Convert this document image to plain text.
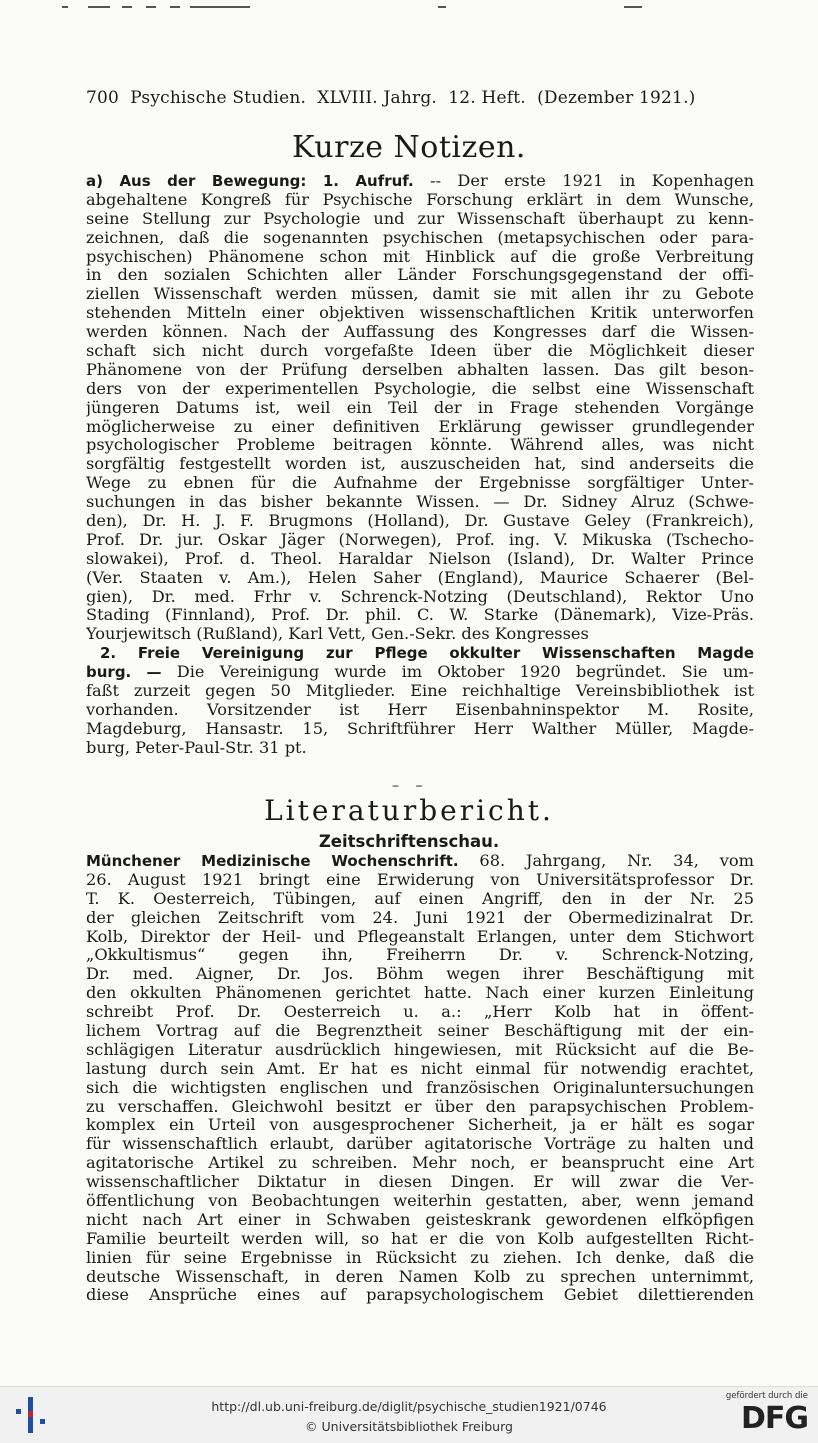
700  Psychische Studien.  XLVIII. Jahrg.  12. Heft.  (Dezember 1921.)
Kurze Notizen.
a) Aus der Bewegung: 1. Aufruf. -- Der erste 1921 in Kopenhagen
abgehaltene Kongreß für Psychische Forschung erklärt in dem Wunsche,
seine Stellung zur Psychologie und zur Wissenschaft überhaupt zu kenn-
zeichnen, daß die sogenannten psychischen (metapsychischen oder para-
psychischen) Phänomene schon mit Hinblick auf die große Verbreitung
in den sozialen Schichten aller Länder Forschungsgegenstand der offi-
ziellen Wissenschaft werden müssen, damit sie mit allen ihr zu Gebote
stehenden Mitteln einer objektiven wissenschaftlichen Kritik unterworfen
werden können. Nach der Auffassung des Kongresses darf die Wissen-
schaft sich nicht durch vorgefaßte Ideen über die Möglichkeit dieser
Phänomene von der Prüfung derselben abhalten lassen. Das gilt beson-
ders von der experimentellen Psychologie, die selbst eine Wissenschaft
jüngeren Datums ist, weil ein Teil der in Frage stehenden Vorgänge
möglicherweise zu einer definitiven Erklärung gewisser grundlegender
psychologischer Probleme beitragen könnte. Während alles, was nicht
sorgfältig festgestellt worden ist, auszuscheiden hat, sind anderseits die
Wege zu ebnen für die Aufnahme der Ergebnisse sorgfältiger Unter-
suchungen in das bisher bekannte Wissen. — Dr. Sidney Alruz (Schwe-
den), Dr. H. J. F. Brugmons (Holland), Dr. Gustave Geley (Frankreich),
Prof. Dr. jur. Oskar Jäger (Norwegen), Prof. ing. V. Mikuska (Tschecho-
slowakei), Prof. d. Theol. Haraldar Nielson (Island), Dr. Walter Prince
(Ver. Staaten v. Am.), Helen Saher (England), Maurice Schaerer (Bel-
gien), Dr. med. Frhr v. Schrenck-Notzing (Deutschland), Rektor Uno
Stading (Finnland), Prof. Dr. phil. C. W. Starke (Dänemark), Vize-Präs.
Yourjewitsch (Rußland), Karl Vett, Gen.-Sekr. des Kongresses
2. Freie Vereinigung zur Pflege okkulter Wissenschaften Magde
burg. — Die Vereinigung wurde im Oktober 1920 begründet. Sie um-
faßt zurzeit gegen 50 Mitglieder. Eine reichhaltige Vereinsbibliothek ist
vorhanden. Vorsitzender ist Herr Eisenbahninspektor M. Rosite,
Magdeburg, Hansastr. 15, Schriftführer Herr Walther Müller, Magde-
burg, Peter-Paul-Str. 31 pt.
– –
Literaturbericht.
Zeitschriftenschau.
Münchener Medizinische Wochenschrift. 68. Jahrgang, Nr. 34, vom
26. August 1921 bringt eine Erwiderung von Universitätsprofessor Dr.
T. K. Oesterreich, Tübingen, auf einen Angriff, den in der Nr. 25
der gleichen Zeitschrift vom 24. Juni 1921 der Obermedizinalrat Dr.
Kolb, Direktor der Heil- und Pflegeanstalt Erlangen, unter dem Stichwort
„Okkultismus“ gegen ihn, Freiherrn Dr. v. Schrenck-Notzing,
Dr. med. Aigner, Dr. Jos. Böhm wegen ihrer Beschäftigung mit
den okkulten Phänomenen gerichtet hatte. Nach einer kurzen Einleitung
schreibt Prof. Dr. Oesterreich u. a.: „Herr Kolb hat in öffent-
lichem Vortrag auf die Begrenztheit seiner Beschäftigung mit der ein-
schlägigen Literatur ausdrücklich hingewiesen, mit Rücksicht auf die Be-
lastung durch sein Amt. Er hat es nicht einmal für notwendig erachtet,
sich die wichtigsten englischen und französischen Originaluntersuchungen
zu verschaffen. Gleichwohl besitzt er über den parapsychischen Problem-
komplex ein Urteil von ausgesprochener Sicherheit, ja er hält es sogar
für wissenschaftlich erlaubt, darüber agitatorische Vorträge zu halten und
agitatorische Artikel zu schreiben. Mehr noch, er beansprucht eine Art
wissenschaftlicher Diktatur in diesen Dingen. Er will zwar die Ver-
öffentlichung von Beobachtungen weiterhin gestatten, aber, wenn jemand
nicht nach Art einer in Schwaben geisteskrank gewordenen elfköpfigen
Familie beurteilt werden will, so hat er die von Kolb aufgestellten Richt-
linien für seine Ergebnisse in Rücksicht zu ziehen. Ich denke, daß die
deutsche Wissenschaft, in deren Namen Kolb zu sprechen unternimmt,
diese Ansprüche eines auf parapsychologischem Gebiet dilettierenden
http://dl.ub.uni-freiburg.de/diglit/psychische_studien1921/0746
© Universitätsbibliothek Freiburg
gefördert durch die
DFG
